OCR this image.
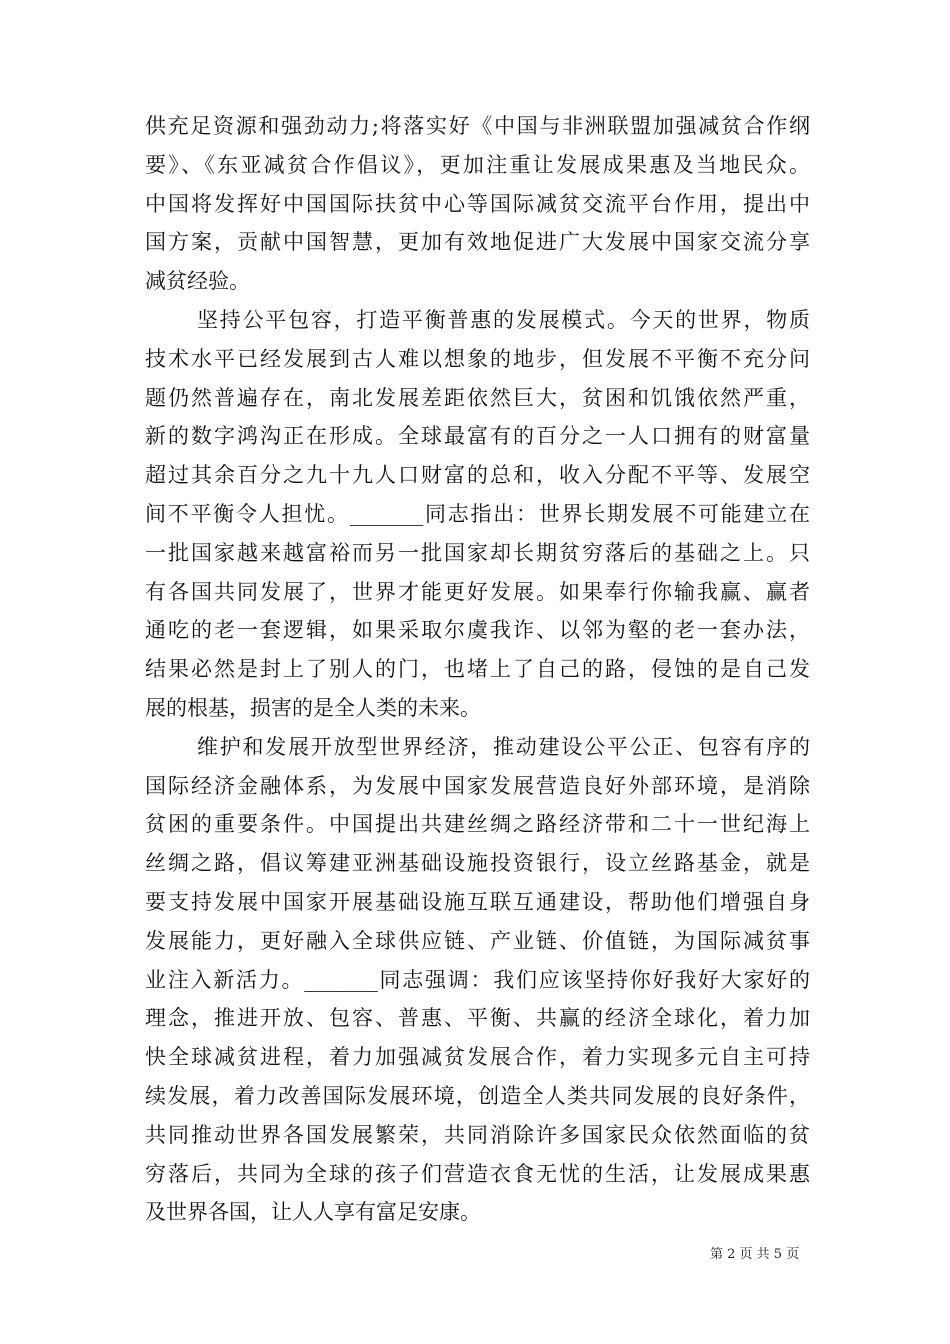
供充足资源和强劲动力;将落实好《中国与非洲联盟加强减贫合作纲
要》、《东亚减贫合作倡议》，更加注重让发展成果惠及当地民众。
中国将发挥好中国国际扶贫中心等国际减贫交流平台作用，提出中
国方案，贡献中国智慧，更加有效地促进广大发展中国家交流分享
减贫经验。
坚持公平包容，打造平衡普惠的发展模式。今天的世界，物质
技术水平已经发展到古人难以想象的地步，但发展不平衡不充分问
题仍然普遍存在，南北发展差距依然巨大，贫困和饥饿依然严重，
新的数字鸿沟正在形成。全球最富有的百分之一人口拥有的财富量
超过其余百分之九十九人口财富的总和，收入分配不平等、发展空
间不平衡令人担忧。_______同志指出：世界长期发展不可能建立在
一批国家越来越富裕而另一批国家却长期贫穷落后的基础之上。只
有各国共同发展了，世界才能更好发展。如果奉行你输我赢、赢者
通吃的老一套逻辑，如果采取尔虞我诈、以邻为壑的老一套办法，
结果必然是封上了别人的门，也堵上了自己的路，侵蚀的是自己发
展的根基，损害的是全人类的未来。
维护和发展开放型世界经济，推动建设公平公正、包容有序的
国际经济金融体系，为发展中国家发展营造良好外部环境，是消除
贫困的重要条件。中国提出共建丝绸之路经济带和二十一世纪海上
丝绸之路，倡议筹建亚洲基础设施投资银行，设立丝路基金，就是
要支持发展中国家开展基础设施互联互通建设，帮助他们增强自身
发展能力，更好融入全球供应链、产业链、价值链，为国际减贫事
业注入新活力。_______同志强调：我们应该坚持你好我好大家好的
理念，推进开放、包容、普惠、平衡、共赢的经济全球化，着力加
快全球减贫进程，着力加强减贫发展合作，着力实现多元自主可持
续发展，着力改善国际发展环境，创造全人类共同发展的良好条件，
共同推动世界各国发展繁荣，共同消除许多国家民众依然面临的贫
穷落后，共同为全球的孩子们营造衣食无忧的生活，让发展成果惠
及世界各国，让人人享有富足安康。
第 2 页 共 5 页
